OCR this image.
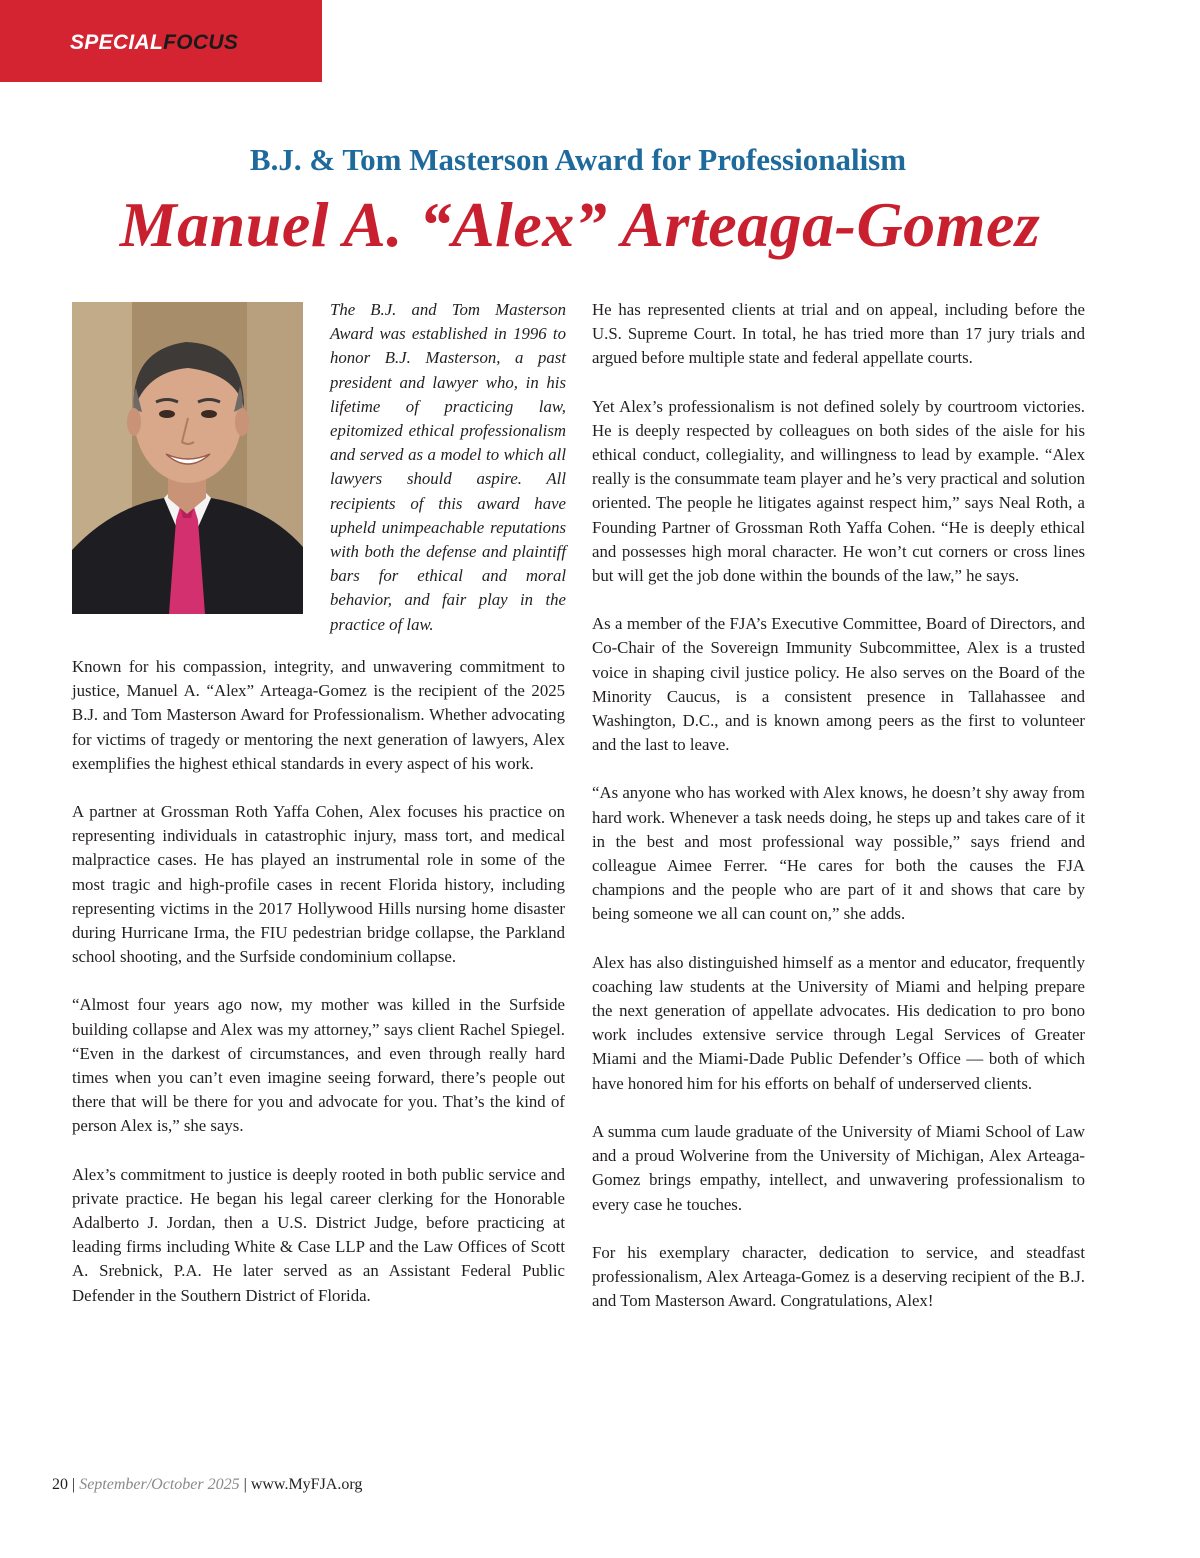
SPECIALFOCUS
B.J. & Tom Masterson Award for Professionalism
Manuel A. “Alex” Arteaga-Gomez

The B.J. and Tom Masterson Award was established in 1996 to honor B.J. Masterson, a past president and lawyer who, in his lifetime of practicing law, epitomized ethical professionalism and served as a model to which all lawyers should aspire. All recipients of this award have upheld unimpeachable reputations with both the defense and plaintiff bars for ethical and moral behavior, and fair play in the practice of law.

Known for his compassion, integrity, and unwavering commitment to justice, Manuel A. “Alex” Arteaga-Gomez is the recipient of the 2025 B.J. and Tom Masterson Award for Professionalism. Whether advocating for victims of tragedy or mentoring the next generation of lawyers, Alex exemplifies the highest ethical standards in every aspect of his work.

A partner at Grossman Roth Yaffa Cohen, Alex focuses his practice on representing individuals in catastrophic injury, mass tort, and medical malpractice cases. He has played an instrumental role in some of the most tragic and high-profile cases in recent Florida history, including representing victims in the 2017 Hollywood Hills nursing home disaster during Hurricane Irma, the FIU pedestrian bridge collapse, the Parkland school shooting, and the Surfside condominium collapse.

“Almost four years ago now, my mother was killed in the Surfside building collapse and Alex was my attorney,” says client Rachel Spiegel. “Even in the darkest of circumstances, and even through really hard times when you can’t even imagine seeing forward, there’s people out there that will be there for you and advocate for you. That’s the kind of person Alex is,” she says.

Alex’s commitment to justice is deeply rooted in both public service and private practice. He began his legal career clerking for the Honorable Adalberto J. Jordan, then a U.S. District Judge, before practicing at leading firms including White & Case LLP and the Law Offices of Scott A. Srebnick, P.A. He later served as an Assistant Federal Public Defender in the Southern District of Florida.

He has represented clients at trial and on appeal, including before the U.S. Supreme Court. In total, he has tried more than 17 jury trials and argued before multiple state and federal appellate courts.

Yet Alex’s professionalism is not defined solely by courtroom victories. He is deeply respected by colleagues on both sides of the aisle for his ethical conduct, collegiality, and willingness to lead by example. “Alex really is the consummate team player and he’s very practical and solution oriented. The people he litigates against respect him,” says Neal Roth, a Founding Partner of Grossman Roth Yaffa Cohen. “He is deeply ethical and possesses high moral character. He won’t cut corners or cross lines but will get the job done within the bounds of the law,” he says.

As a member of the FJA’s Executive Committee, Board of Directors, and Co-Chair of the Sovereign Immunity Subcommittee, Alex is a trusted voice in shaping civil justice policy. He also serves on the Board of the Minority Caucus, is a consistent presence in Tallahassee and Washington, D.C., and is known among peers as the first to volunteer and the last to leave.

“As anyone who has worked with Alex knows, he doesn’t shy away from hard work. Whenever a task needs doing, he steps up and takes care of it in the best and most professional way possible,” says friend and colleague Aimee Ferrer. “He cares for both the causes the FJA champions and the people who are part of it and shows that care by being someone we all can count on,” she adds.

Alex has also distinguished himself as a mentor and educator, frequently coaching law students at the University of Miami and helping prepare the next generation of appellate advocates. His dedication to pro bono work includes extensive service through Legal Services of Greater Miami and the Miami-Dade Public Defender’s Office — both of which have honored him for his efforts on behalf of underserved clients.

A summa cum laude graduate of the University of Miami School of Law and a proud Wolverine from the University of Michigan, Alex Arteaga-Gomez brings empathy, intellect, and unwavering professionalism to every case he touches.

For his exemplary character, dedication to service, and steadfast professionalism, Alex Arteaga-Gomez is a deserving recipient of the B.J. and Tom Masterson Award. Congratulations, Alex!

20 | September/October 2025 | www.MyFJA.org
